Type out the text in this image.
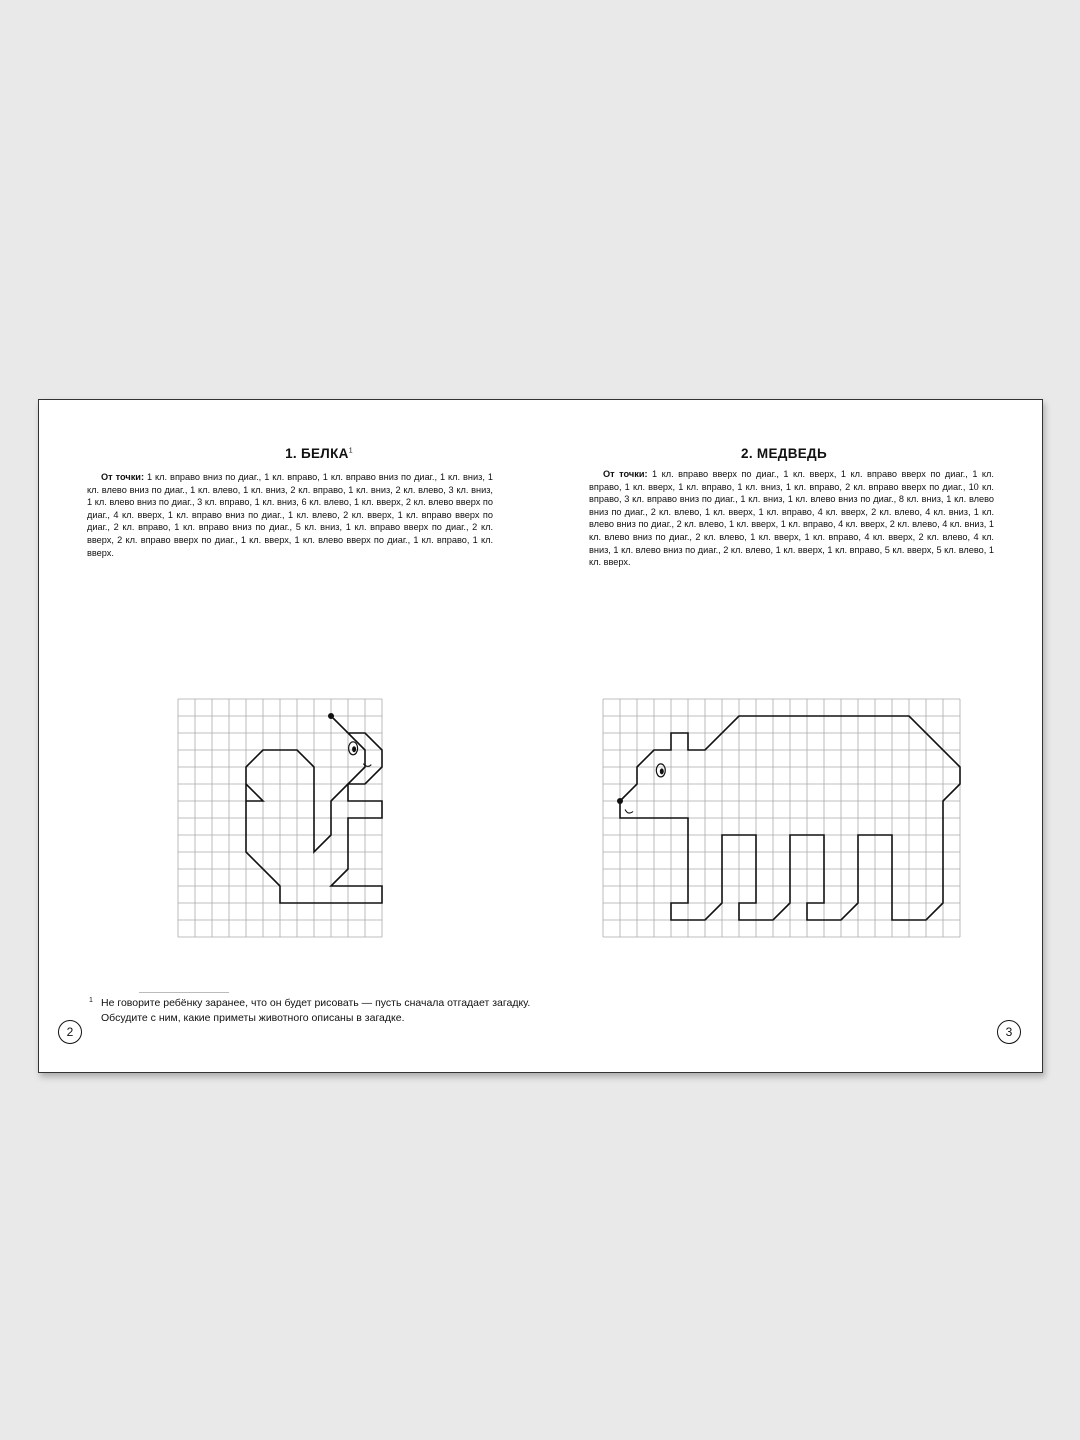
1. БЕЛКА$^1$

От точки: 1 кл. вправо вниз по диаг., 1 кл. вправо, 1 кл. вправо вниз по диаг., 1 кл. вниз, 1 кл. влево вниз по диаг., 1 кл. влево, 1 кл. вниз, 2 кл. вправо, 1 кл. вниз, 2 кл. влево, 3 кл. вниз, 1 кл. влево вниз по диаг., 3 кл. вправо, 1 кл. вниз, 6 кл. влево, 1 кл. вверх, 2 кл. влево вверх по диаг., 4 кл. вверх, 1 кл. вправо вниз по диаг., 1 кл. влево, 2 кл. вверх, 1 кл. вправо вверх по диаг., 2 кл. вправо, 1 кл. вправо вниз по диаг., 5 кл. вниз, 1 кл. вправо вверх по диаг., 2 кл. вверх, 2 кл. вправо вверх по диаг., 1 кл. вверх, 1 кл. влево вверх по диаг., 1 кл. вправо, 1 кл. вверх.

1 Не говорите ребёнку заранее, что он будет рисовать — пусть сначала отгадает загадку. Обсудите с ним, какие приметы животного описаны в загадке.

2
2. МЕДВЕДЬ

От точки: 1 кл. вправо вверх по диаг., 1 кл. вверх, 1 кл. вправо вверх по диаг., 1 кл. вправо, 1 кл. вверх, 1 кл. вправо, 1 кл. вниз, 1 кл. вправо, 2 кл. вправо вверх по диаг., 10 кл. вправо, 3 кл. вправо вниз по диаг., 1 кл. вниз, 1 кл. влево вниз по диаг., 8 кл. вниз, 1 кл. влево вниз по диаг., 2 кл. влево, 1 кл. вверх, 1 кл. вправо, 4 кл. вверх, 2 кл. влево, 4 кл. вниз, 1 кл. влево вниз по диаг., 2 кл. влево, 1 кл. вверх, 1 кл. вправо, 4 кл. вверх, 2 кл. влево, 4 кл. вниз, 1 кл. влево вниз по диаг., 2 кл. влево, 1 кл. вверх, 1 кл. вправо, 4 кл. вверх, 2 кл. влево, 4 кл. вниз, 1 кл. влево вниз по диаг., 2 кл. влево, 1 кл. вверх, 1 кл. вправо, 5 кл. вверх, 5 кл. влево, 1 кл. вверх.

3
